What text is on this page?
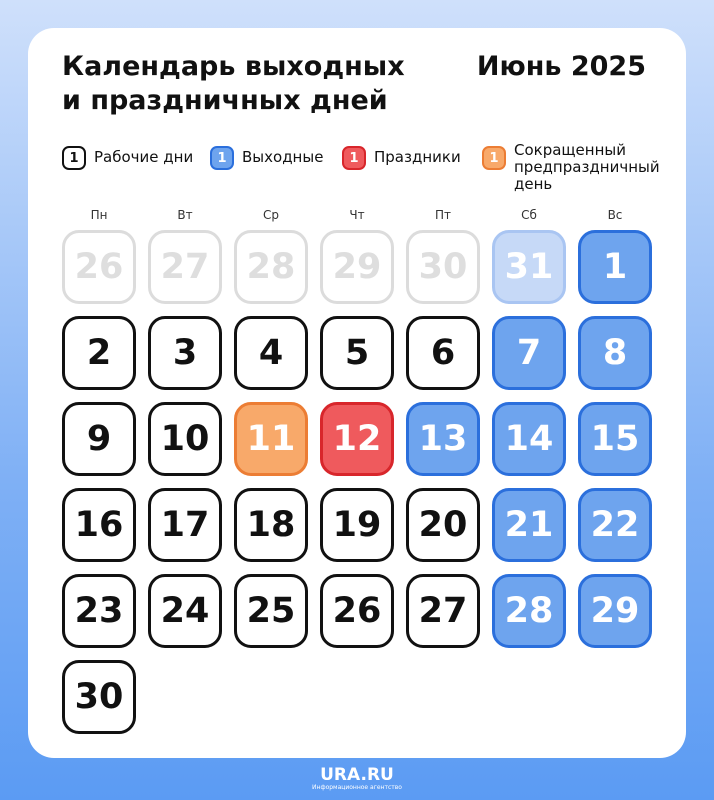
Календарь выходных
и праздничных дней
Июнь 2025
1	Рабочие дни	1	Выходные	1	Праздники	1	Сокращенный
предпраздничный
день
Пн	Вт	Ср	Чт	Пт	Сб	Вс
26	27	28	29	30	31	1
2	3	4	5	6	7	8
9	10	11	12	13	14	15
16	17	18	19	20	21	22
23	24	25	26	27	28	29
30
URA.RU
Информационное агентство
